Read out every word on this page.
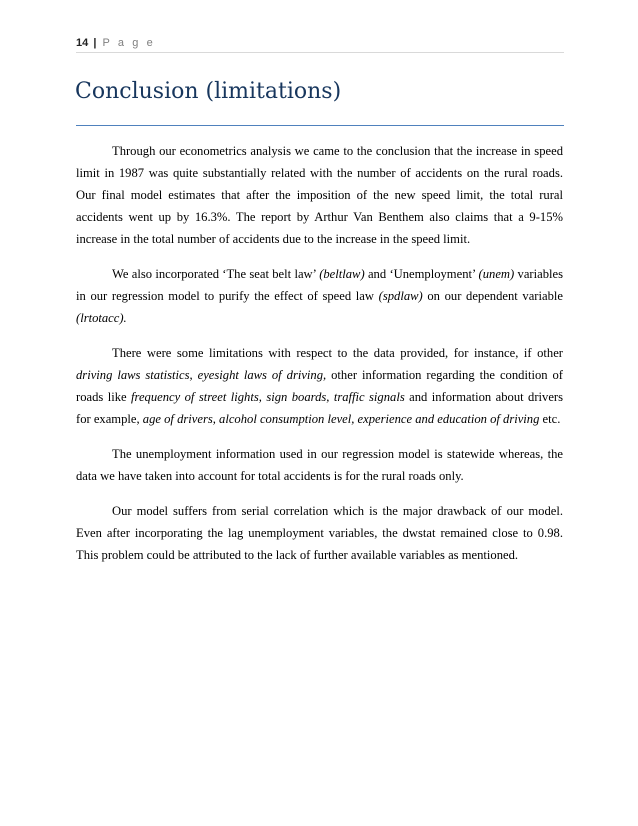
14 | P a g e
Conclusion (limitations)

Through our econometrics analysis we came to the conclusion that the increase in speed limit in 1987 was quite substantially related with the number of accidents on the rural roads. Our final model estimates that after the imposition of the new speed limit, the total rural accidents went up by 16.3%. The report by Arthur Van Benthem also claims that a 9-15% increase in the total number of accidents due to the increase in the speed limit.

We also incorporated ‘The seat belt law’ (beltlaw) and ‘Unemployment’ (unem) variables in our regression model to purify the effect of speed law (spdlaw) on our dependent variable (lrtotacc).

There were some limitations with respect to the data provided, for instance, if other driving laws statistics, eyesight laws of driving, other information regarding the condition of roads like frequency of street lights, sign boards, traffic signals and information about drivers for example, age of drivers, alcohol consumption level, experience and education of driving etc.

The unemployment information used in our regression model is statewide whereas, the data we have taken into account for total accidents is for the rural roads only.

Our model suffers from serial correlation which is the major drawback of our model. Even after incorporating the lag unemployment variables, the dwstat remained close to 0.98. This problem could be attributed to the lack of further available variables as mentioned.
